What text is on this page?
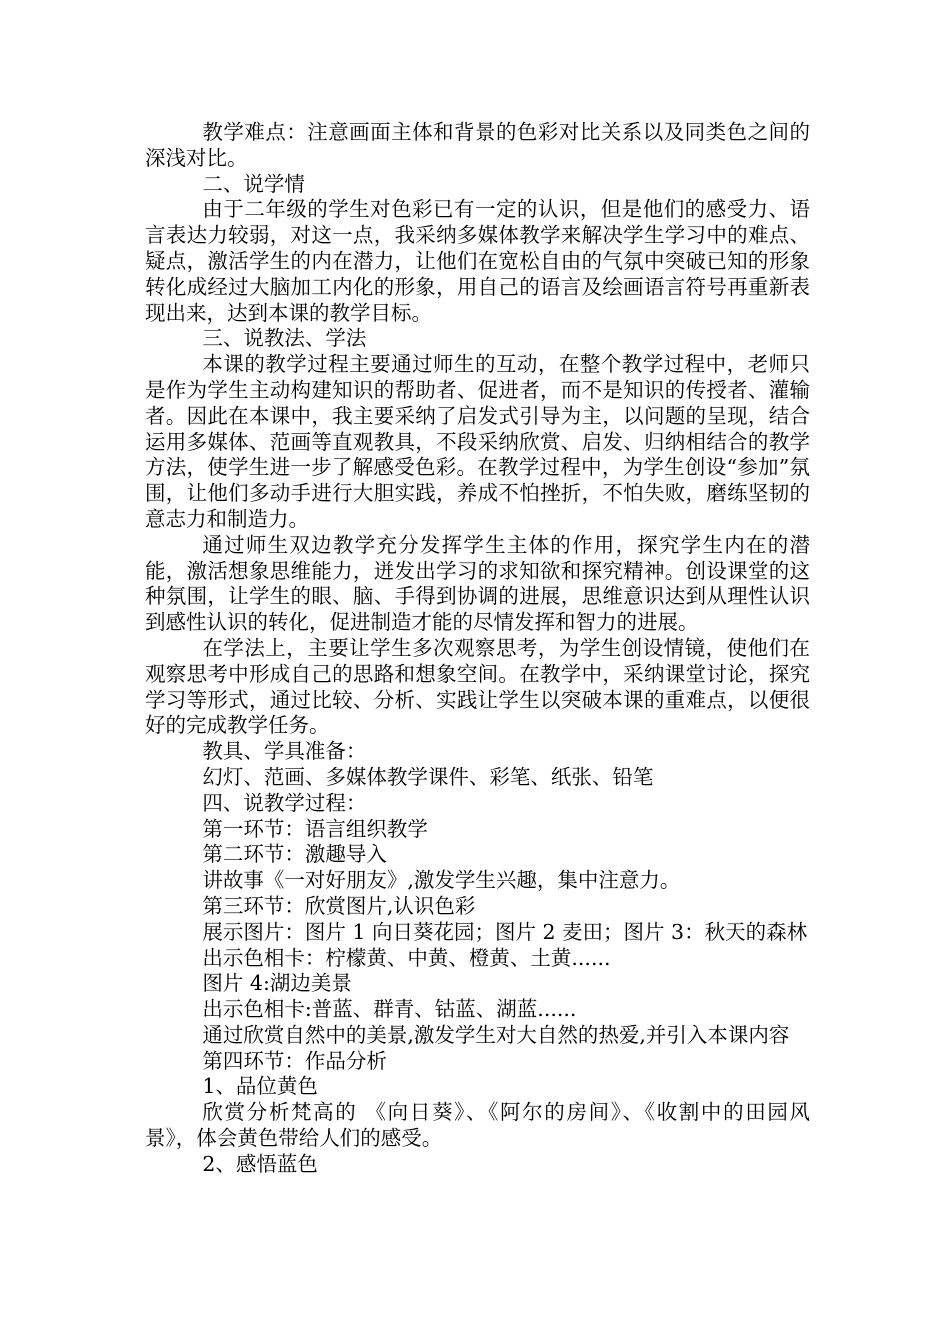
教学难点：注意画面主体和背景的色彩对比关系以及同类色之间的深浅对比。

二、说学情

由于二年级的学生对色彩已有一定的认识，但是他们的感受力、语言表达力较弱，对这一点，我采纳多媒体教学来解决学生学习中的难点、疑点，激活学生的内在潜力，让他们在宽松自由的气氛中突破已知的形象转化成经过大脑加工内化的形象，用自己的语言及绘画语言符号再重新表现出来，达到本课的教学目标。

三、说教法、学法

本课的教学过程主要通过师生的互动，在整个教学过程中，老师只是作为学生主动构建知识的帮助者、促进者，而不是知识的传授者、灌输者。因此在本课中，我主要采纳了启发式引导为主，以问题的呈现，结合运用多媒体、范画等直观教具，不段采纳欣赏、启发、归纳相结合的教学方法，使学生进一步了解感受色彩。在教学过程中，为学生创设“参加”氛围，让他们多动手进行大胆实践，养成不怕挫折，不怕失败，磨练坚韧的意志力和制造力。

通过师生双边教学充分发挥学生主体的作用，探究学生内在的潜能，激活想象思维能力，迸发出学习的求知欲和探究精神。创设课堂的这种氛围，让学生的眼、脑、手得到协调的进展，思维意识达到从理性认识到感性认识的转化，促进制造才能的尽情发挥和智力的进展。

在学法上，主要让学生多次观察思考，为学生创设情镜，使他们在观察思考中形成自己的思路和想象空间。在教学中，采纳课堂讨论，探究学习等形式，通过比较、分析、实践让学生以突破本课的重难点，以便很好的完成教学任务。

教具、学具准备：

幻灯、范画、多媒体教学课件、彩笔、纸张、铅笔

四、说教学过程：

第一环节：语言组织教学

第二环节：激趣导入

讲故事《一对好朋友》,激发学生兴趣，集中注意力。

第三环节：欣赏图片,认识色彩

展示图片：图片 1 向日葵花园；图片 2 麦田；图片 3：秋天的森林

出示色相卡：柠檬黄、中黄、橙黄、土黄......

图片 4:湖边美景

出示色相卡:普蓝、群青、钴蓝、湖蓝......

通过欣赏自然中的美景,激发学生对大自然的热爱,并引入本课内容

第四环节：作品分析

1、品位黄色

欣赏分析梵高的 《向日葵》、《阿尔的房间》、《收割中的田园风景》，体会黄色带给人们的感受。

2、感悟蓝色
